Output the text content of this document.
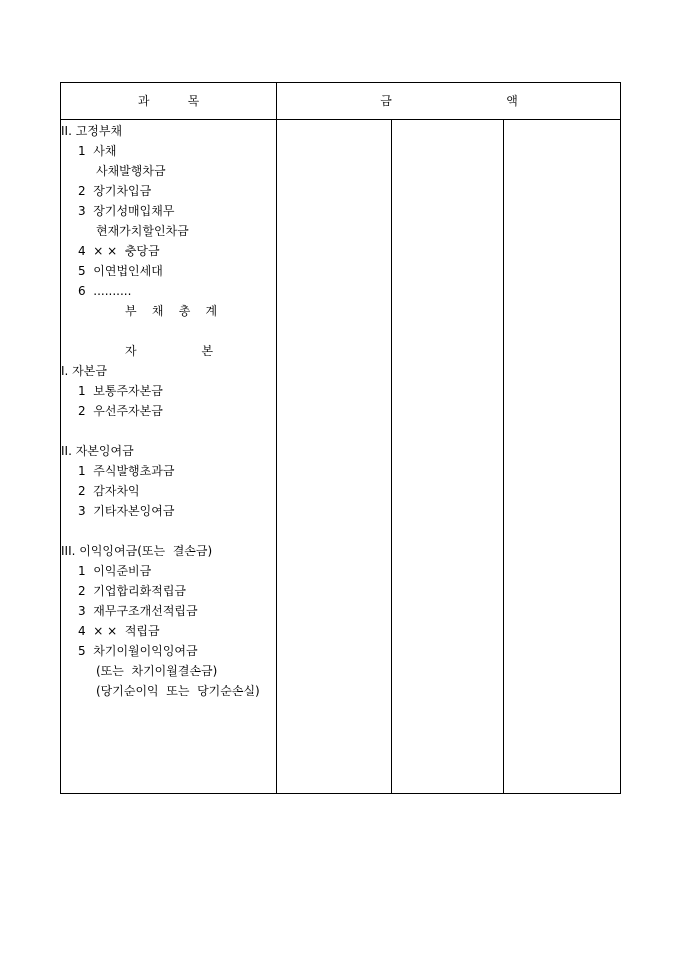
과          목	금                              액
II. 고정부채
1  사채
사채발행차금
2  장기차입금
3  장기성매입채무
현재가치할인차금
4  × ×  충당금
5  이연법인세대
6  ..........
부    채    총    계
자                 본
I. 자본금
1  보통주자본금
2  우선주자본금
II. 자본잉여금
1  주식발행초과금
2  감자차익
3  기타자본잉여금
III. 이익잉여금(또는  결손금)
1  이익준비금
2  기업합리화적립금
3  재무구조개선적립금
4  × ×  적립금
5  차기이월이익잉여금
(또는  차기이월결손금)
(당기순이익  또는  당기순손실)
